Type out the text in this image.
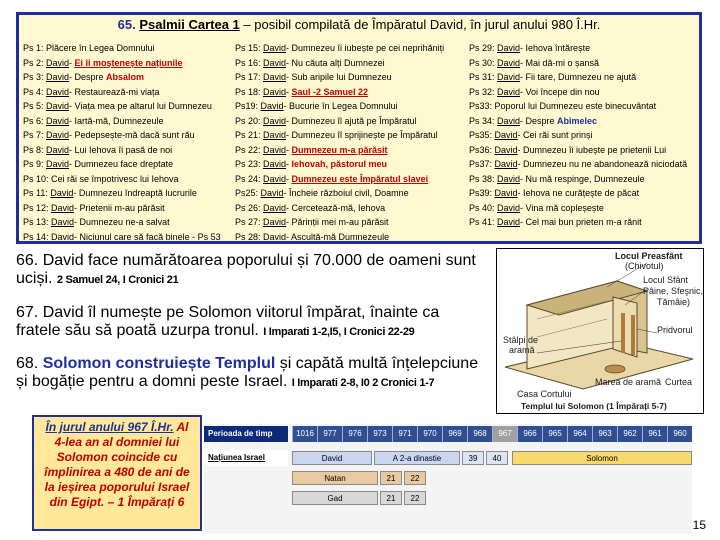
65. Psalmii Cartea 1 – posibil compilată de Împăratul David, în jurul anului 980 Î.Hr.
Ps 1: Plăcere în Legea Domnului
Ps 2: David- Ei îi moştenește națiunile
Ps 3: David- Despre Absalom
Ps 4: David- Restaurează-mi viața
Ps 5: David- Viața mea pe altarul lui Dumnezeu
Ps 6: David- Iartă-mă, Dumnezeule
Ps 7: David- Pedepsește-mă dacă sunt rău
Ps 8: David- Lui Iehova îi pasă de noi
Ps 9: David- Dumnezeu face dreptate
Ps 10: Cei răi se împotrivesc lui Iehova
Ps 11: David- Dumnezeu îndreaptă lucrurile
Ps 12: David- Prietenii m-au părăsit
Ps 13: David- Dumnezeu ne-a salvat
Ps 14: David- Niciunul care să facă binele - Ps 53
Ps 15: David- Dumnezeu îi iubește pe cei neprihăniți
Ps 16: David- Nu căuta alți Dumnezei
Ps 17: David- Sub aripile lui Dumnezeu
Ps 18: David- Saul -2 Samuel 22
Ps19: David- Bucurie în Legea Domnului
Ps 20: David- Dumnezeu îl ajută pe Împăratul
Ps 21: David- Dumnezeu îl sprijinește pe Împăratul
Ps 22: David- Dumnezeu m-a părăsit
Ps 23: David- Iehovah, păstorul meu
Ps 24: David- Dumnezeu este Împăratul slavei
Ps25: David- Încheie războiul civil, Doamne
Ps 26: David- Cercetează-mă, Iehova
Ps 27: David- Părinții mei m-au părăsit
Ps 28: David- Ascultă-mă Dumnezeule
Ps 29: David- Iehova întărește
Ps 30: David- Mai dă-mi o șansă
Ps 31: David- Fii tare, Dumnezeu ne ajută
Ps 32: David- Voi începe din nou
Ps33: Poporul lui Dumnezeu este binecuvântat
Ps 34: David- Despre Abimelec
Ps35: David- Cei răi sunt prinși
Ps36: David- Dumnezeu îi iubește pe prietenii Lui
Ps37: David- Dumnezeu nu ne abandonează niciodată
Ps 38: David- Nu mă respinge, Dumnezeule
Ps39: David- Iehova ne curățește de păcat
Ps 40: David- Vina mă copleșește
Ps 41: David- Cel mai bun prieten m-a rănit
66. David face numărătoarea poporului și 70.000 de oameni sunt uciși. 2 Samuel 24, I Cronici 21
67. David îl numește pe Solomon viitorul împărat, înainte ca fratele său să poată uzurpa tronul. I Imparati 1-2,I5, I Cronici 22-29
68. Solomon construiește Templul și capătă multă înțelepciune și bogăție pentru a domni peste Israel. I Imparati 2-8, I0 2 Cronici 1-7
Locul Preasfânt
(Chivotul)
Locul Sfânt
Pâine, Sfeşnic,
Tămâie)
Pridvorul
Stâlpi de
aramă
Marea de aramă Curtea
Casa Cortului
Templul lui Solomon (1 Împărați 5-7)
În jurul anului 967 Î.Hr. Al 4-lea an al domniei lui Solomon coincide cu împlinirea a 480 de ani de la ieșirea poporului Israel din Egipt. – 1 Împărați 6
Perioada de timp	1016	977	976	973	971	970	969	968	967	966	965	964	963	962	961	960
Națiunea Israel	David	A 2-a dinastie	39	40	Solomon
Natan	21	22
Gad	21	22
15
